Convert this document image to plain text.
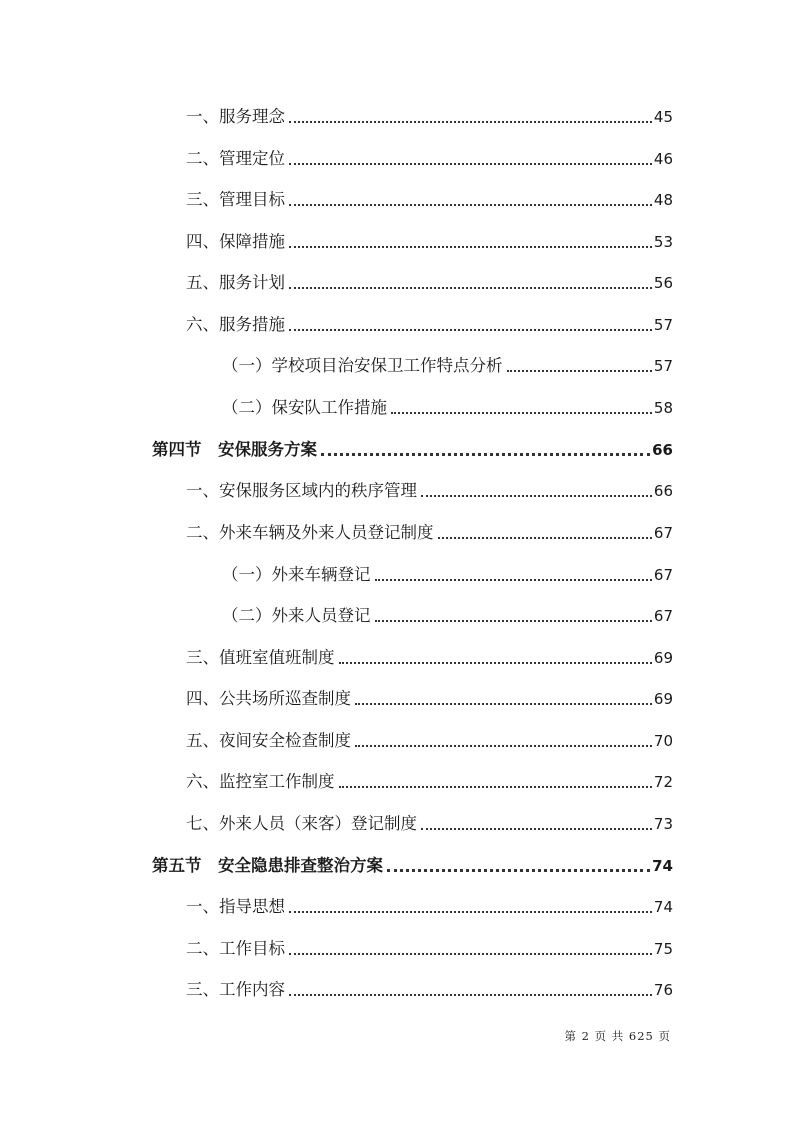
一、服务理念	45
二、管理定位	46
三、管理目标	48
四、保障措施	53
五、服务计划	56
六、服务措施	57
（一）学校项目治安保卫工作特点分析	57
（二）保安队工作措施	58
第四节　安保服务方案	66
一、安保服务区域内的秩序管理	66
二、外来车辆及外来人员登记制度	67
（一）外来车辆登记	67
（二）外来人员登记	67
三、值班室值班制度	69
四、公共场所巡查制度	69
五、夜间安全检查制度	70
六、监控室工作制度	72
七、外来人员（来客）登记制度	73
第五节　安全隐患排查整治方案	74
一、指导思想	74
二、工作目标	75
三、工作内容	76
第 2 页 共 625 页
